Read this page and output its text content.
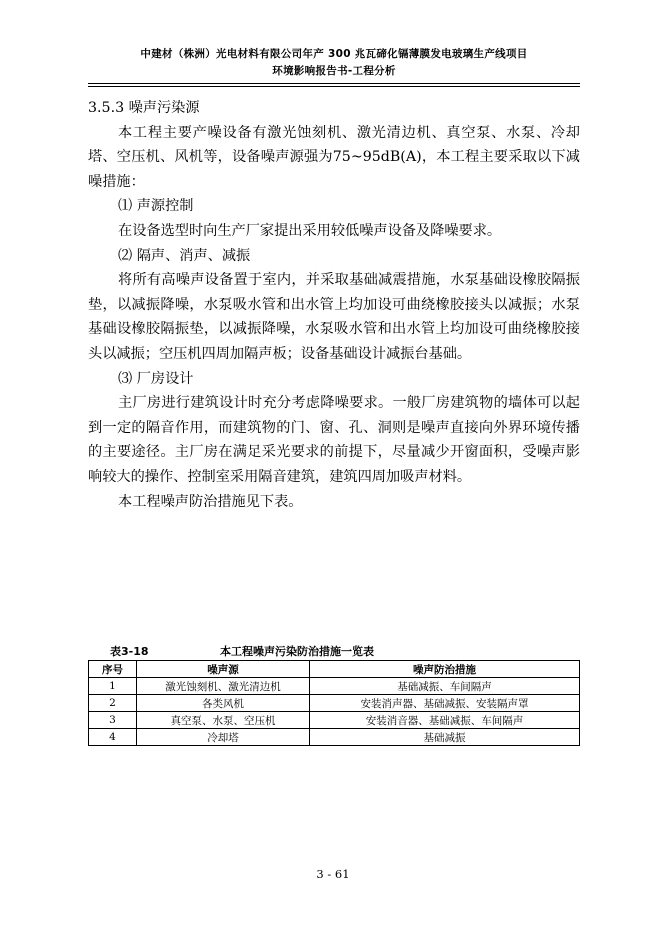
中建材（株洲）光电材料有限公司年产 300 兆瓦碲化镉薄膜发电玻璃生产线项目
环境影响报告书-工程分析

3.5.3 噪声污染源

本工程主要产噪设备有激光蚀刻机、激光清边机、真空泵、水泵、冷却塔、空压机、风机等，设备噪声源强为75~95dB(A)，本工程主要采取以下减噪措施：

⑴ 声源控制

在设备选型时向生产厂家提出采用较低噪声设备及降噪要求。

⑵ 隔声、消声、减振

将所有高噪声设备置于室内，并采取基础减震措施，水泵基础设橡胶隔振垫，以减振降噪，水泵吸水管和出水管上均加设可曲绕橡胶接头以减振；水泵基础设橡胶隔振垫，以减振降噪，水泵吸水管和出水管上均加设可曲绕橡胶接头以减振；空压机四周加隔声板；设备基础设计减振台基础。

⑶ 厂房设计

主厂房进行建筑设计时充分考虑降噪要求。一般厂房建筑物的墙体可以起到一定的隔音作用，而建筑物的门、窗、孔、洞则是噪声直接向外界环境传播的主要途径。主厂房在满足采光要求的前提下，尽量减少开窗面积，受噪声影响较大的操作、控制室采用隔音建筑，建筑四周加吸声材料。

本工程噪声防治措施见下表。

表3-18	本工程噪声污染防治措施一览表
序号	噪声源	噪声防治措施
1	激光蚀刻机、激光清边机	基础减振、车间隔声
2	各类风机	安装消声器、基础减振、安装隔声罩
3	真空泵、水泵、空压机	安装消音器、基础减振、车间隔声
4	冷却塔	基础减振
3 - 61
